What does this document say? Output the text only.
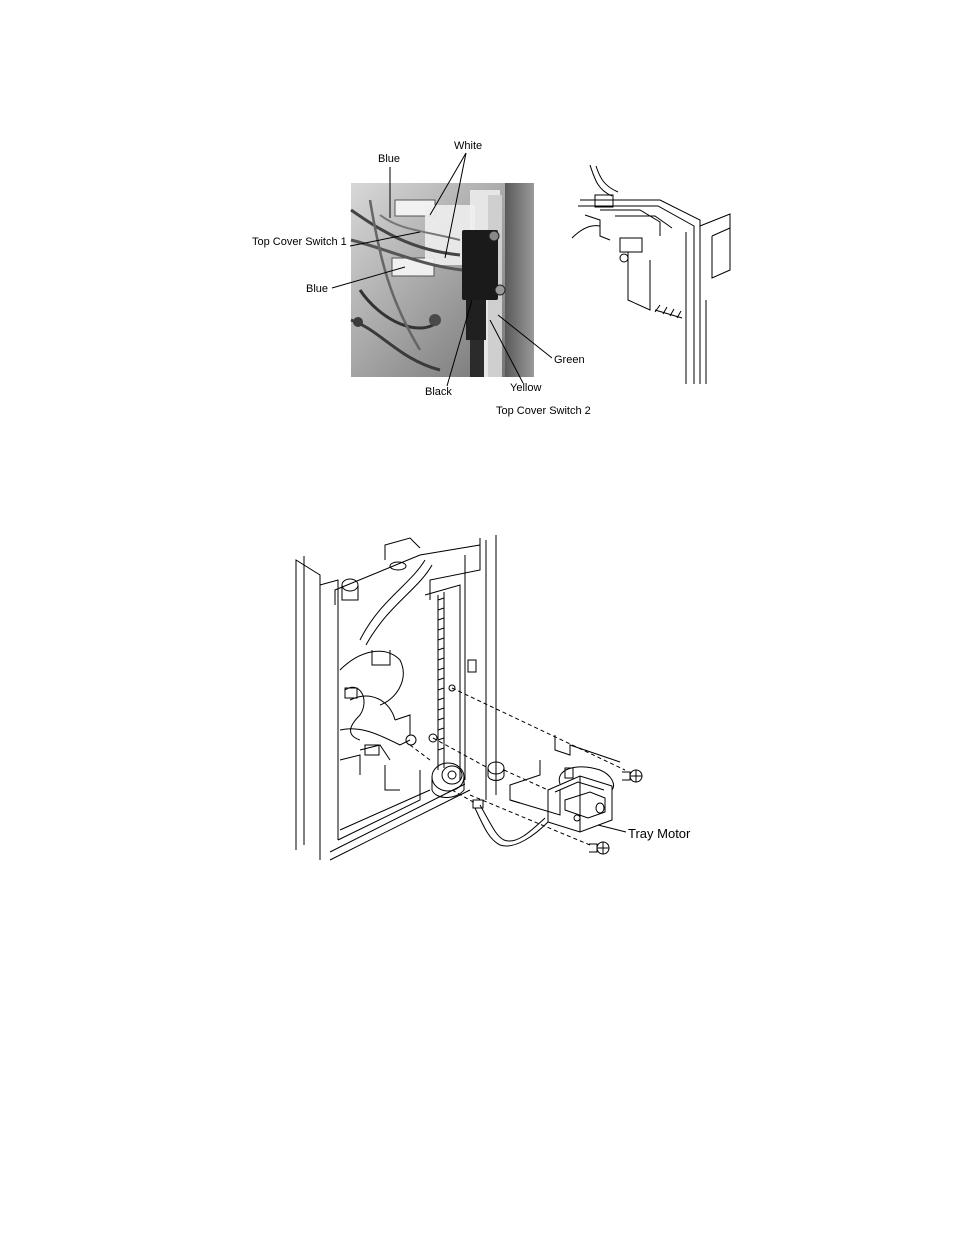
White
Blue
Top Cover Switch 1
Blue
Green
Black	Yellow
Top Cover Switch 2
Tray Motor
